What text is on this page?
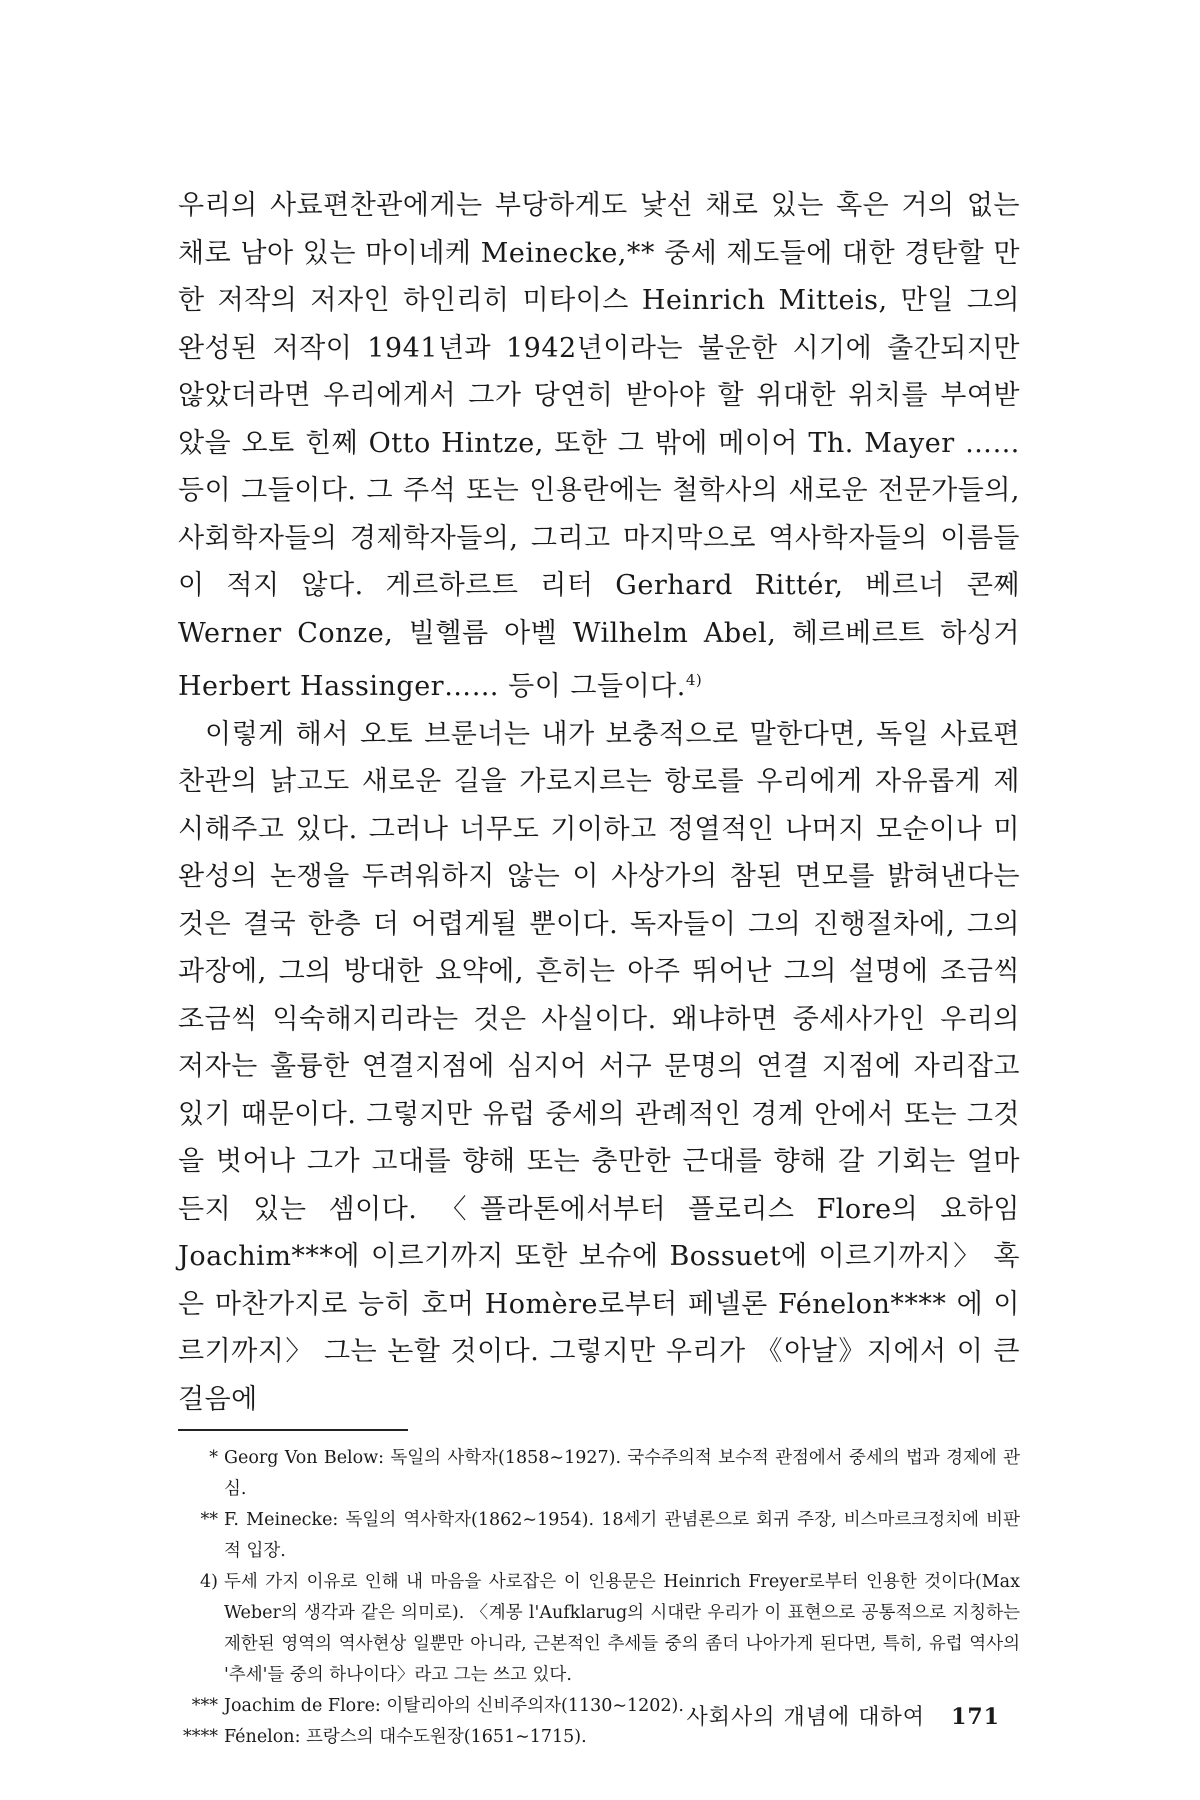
우리의 사료편찬관에게는 부당하게도 낯선 채로 있는 혹은 거의 없는 채로 남아 있는 마이네케 Meinecke,** 중세 제도들에 대한 경탄할 만한 저작의 저자인 하인리히 미타이스 Heinrich Mitteis, 만일 그의 완성된 저작이 1941년과 1942년이라는 불운한 시기에 출간되지만 않았더라면 우리에게서 그가 당연히 받아야 할 위대한 위치를 부여받았을 오토 힌쩨 Otto Hintze, 또한 그 밖에 메이어 Th. Mayer …… 등이 그들이다. 그 주석 또는 인용란에는 철학사의 새로운 전문가들의, 사회학자들의 경제학자들의, 그리고 마지막으로 역사학자들의 이름들이 적지 않다. 게르하르트 리터 Gerhard Rittér, 베르너 콘쩨 Werner Conze, 빌헬름 아벨 Wilhelm Abel, 헤르베르트 하싱거 Herbert Hassinger…… 등이 그들이다.$^{4)}$

이렇게 해서 오토 브룬너는 내가 보충적으로 말한다면, 독일 사료편찬관의 낡고도 새로운 길을 가로지르는 항로를 우리에게 자유롭게 제시해주고 있다. 그러나 너무도 기이하고 정열적인 나머지 모순이나 미완성의 논쟁을 두려워하지 않는 이 사상가의 참된 면모를 밝혀낸다는 것은 결국 한층 더 어렵게될 뿐이다. 독자들이 그의 진행절차에, 그의 과장에, 그의 방대한 요약에, 흔히는 아주 뛰어난 그의 설명에 조금씩 조금씩 익숙해지리라는 것은 사실이다. 왜냐하면 중세사가인 우리의 저자는 훌륭한 연결지점에 심지어 서구 문명의 연결 지점에 자리잡고 있기 때문이다. 그렇지만 유럽 중세의 관례적인 경계 안에서 또는 그것을 벗어나 그가 고대를 향해 또는 충만한 근대를 향해 갈 기회는 얼마든지 있는 셈이다. 〈플라톤에서부터 플로리스 Flore의 요하임 Joachim***에 이르기까지 또한 보슈에 Bossuet에 이르기까지〉 혹은 마찬가지로 능히 호머 Homère로부터 페넬론 Fénelon**** 에 이르기까지〉 그는 논할 것이다. 그렇지만 우리가 《아날》지에서 이 큰 걸음에

* Georg Von Below: 독일의 사학자(1858∼1927). 국수주의적 보수적 관점에서 중세의 법과 경제에 관심.
** F. Meinecke: 독일의 역사학자(1862∼1954). 18세기 관념론으로 회귀 주장, 비스마르크정치에 비판적 입장.
4) 두세 가지 이유로 인해 내 마음을 사로잡은 이 인용문은 Heinrich Freyer로부터 인용한 것이다(Max Weber의 생각과 같은 의미로). 〈계몽 l'Aufklarug의 시대란 우리가 이 표현으로 공통적으로 지칭하는 제한된 영역의 역사현상 일뿐만 아니라, 근본적인 추세들 중의 좀더 나아가게 된다면, 특히, 유럽 역사의 '추세'들 중의 하나이다〉라고 그는 쓰고 있다.
*** Joachim de Flore: 이탈리아의 신비주의자(1130∼1202).
**** Fénelon: 프랑스의 대수도원장(1651∼1715).
사회사의 개념에 대하여 171
